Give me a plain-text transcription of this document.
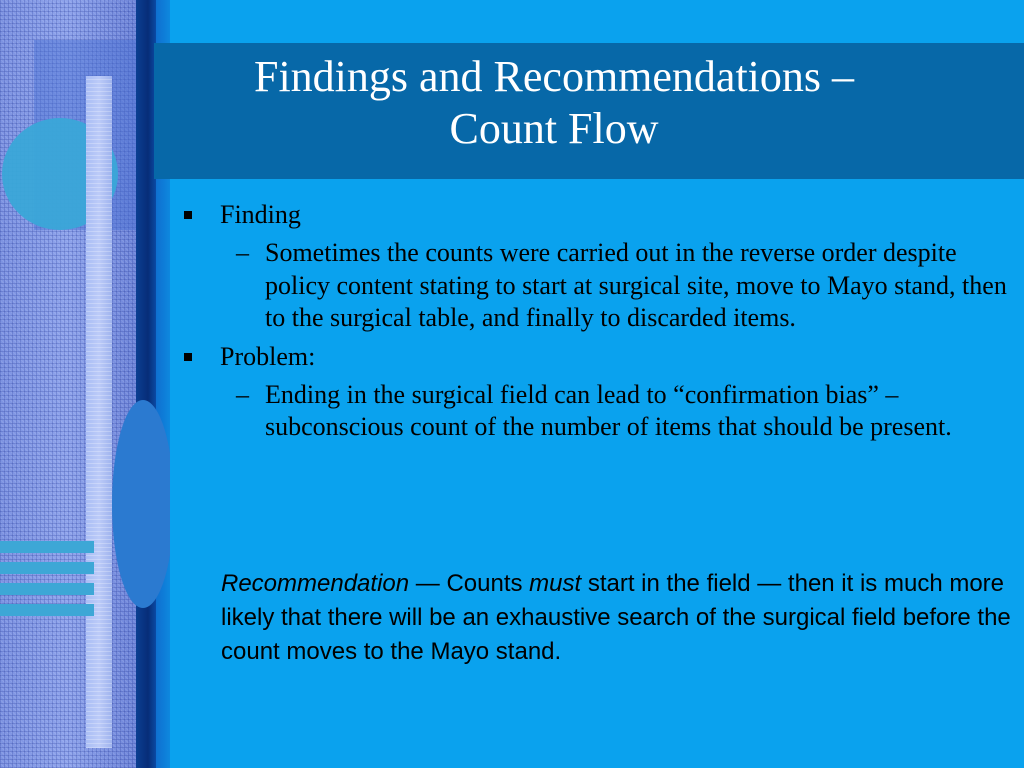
Findings and Recommendations –
Count Flow

Finding

– Sometimes the counts were carried out in the reverse order despite policy content stating to start at surgical site, move to Mayo stand, then to the surgical table, and finally to discarded items.

Problem:

– Ending in the surgical field can lead to “confirmation bias” –subconscious count of the number of items that should be present.

Recommendation — Counts must start in the field — then it is much more likely that there will be an exhaustive search of the surgical field before the count moves to the Mayo stand.
